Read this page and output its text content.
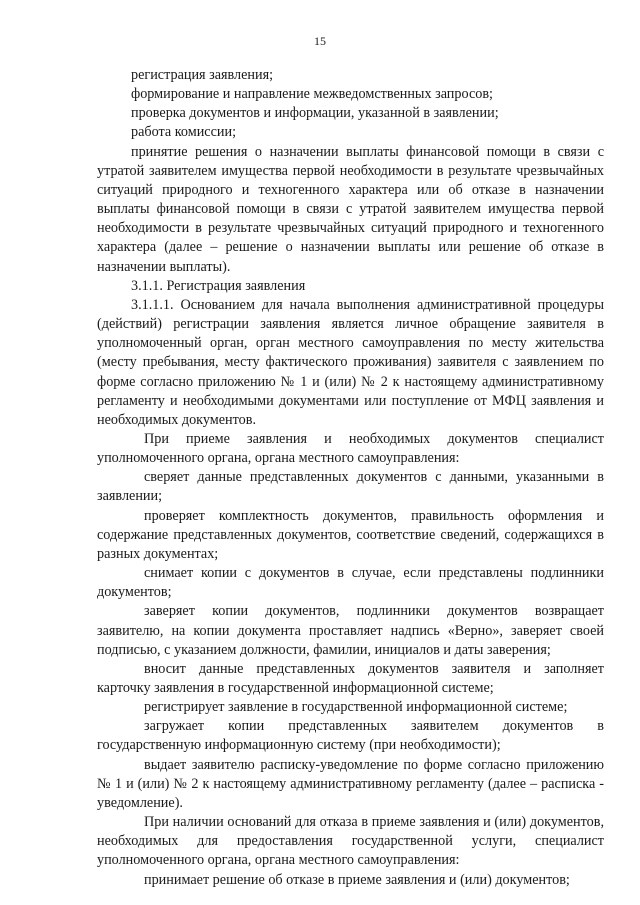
15

регистрация заявления;

формирование и направление межведомственных запросов;

проверка документов и информации, указанной в заявлении;

работа комиссии;

принятие решения о назначении выплаты финансовой помощи в связи с утратой заявителем имущества первой необходимости в результате чрезвычайных ситуаций природного и техногенного характера или об отказе в назначении выплаты финансовой помощи в связи с утратой заявителем имущества первой необходимости в результате чрезвычайных ситуаций природного и техногенного характера (далее – решение о назначении выплаты или решение об отказе в назначении выплаты).

3.1.1. Регистрация заявления

3.1.1.1. Основанием для начала выполнения административной процедуры (действий) регистрации заявления является личное обращение заявителя в уполномоченный орган, орган местного самоуправления по месту жительства (месту пребывания, месту фактического проживания) заявителя с заявлением по форме согласно приложению № 1 и (или) № 2 к настоящему административному регламенту и необходимыми документами или поступление от МФЦ заявления и необходимых документов.

При приеме заявления и необходимых документов специалист уполномоченного органа, органа местного самоуправления:

сверяет данные представленных документов с данными, указанными в заявлении;

проверяет комплектность документов, правильность оформления и содержание представленных документов, соответствие сведений, содержащихся в разных документах;

снимает копии с документов в случае, если представлены подлинники документов;

заверяет копии документов, подлинники документов возвращает заявителю, на копии документа проставляет надпись «Верно», заверяет своей подписью, с указанием должности, фамилии, инициалов и даты заверения;

вносит данные представленных документов заявителя и заполняет карточку заявления в государственной информационной системе;

регистрирует заявление в государственной информационной системе;

загружает копии представленных заявителем документов в государственную информационную систему (при необходимости);

выдает заявителю расписку-уведомление по форме согласно приложению № 1 и (или) № 2 к настоящему административному регламенту (далее – расписка - уведомление).

При наличии оснований для отказа в приеме заявления и (или) документов, необходимых для предоставления государственной услуги, специалист уполномоченного органа, органа местного самоуправления:

принимает решение об отказе в приеме заявления и (или) документов;
